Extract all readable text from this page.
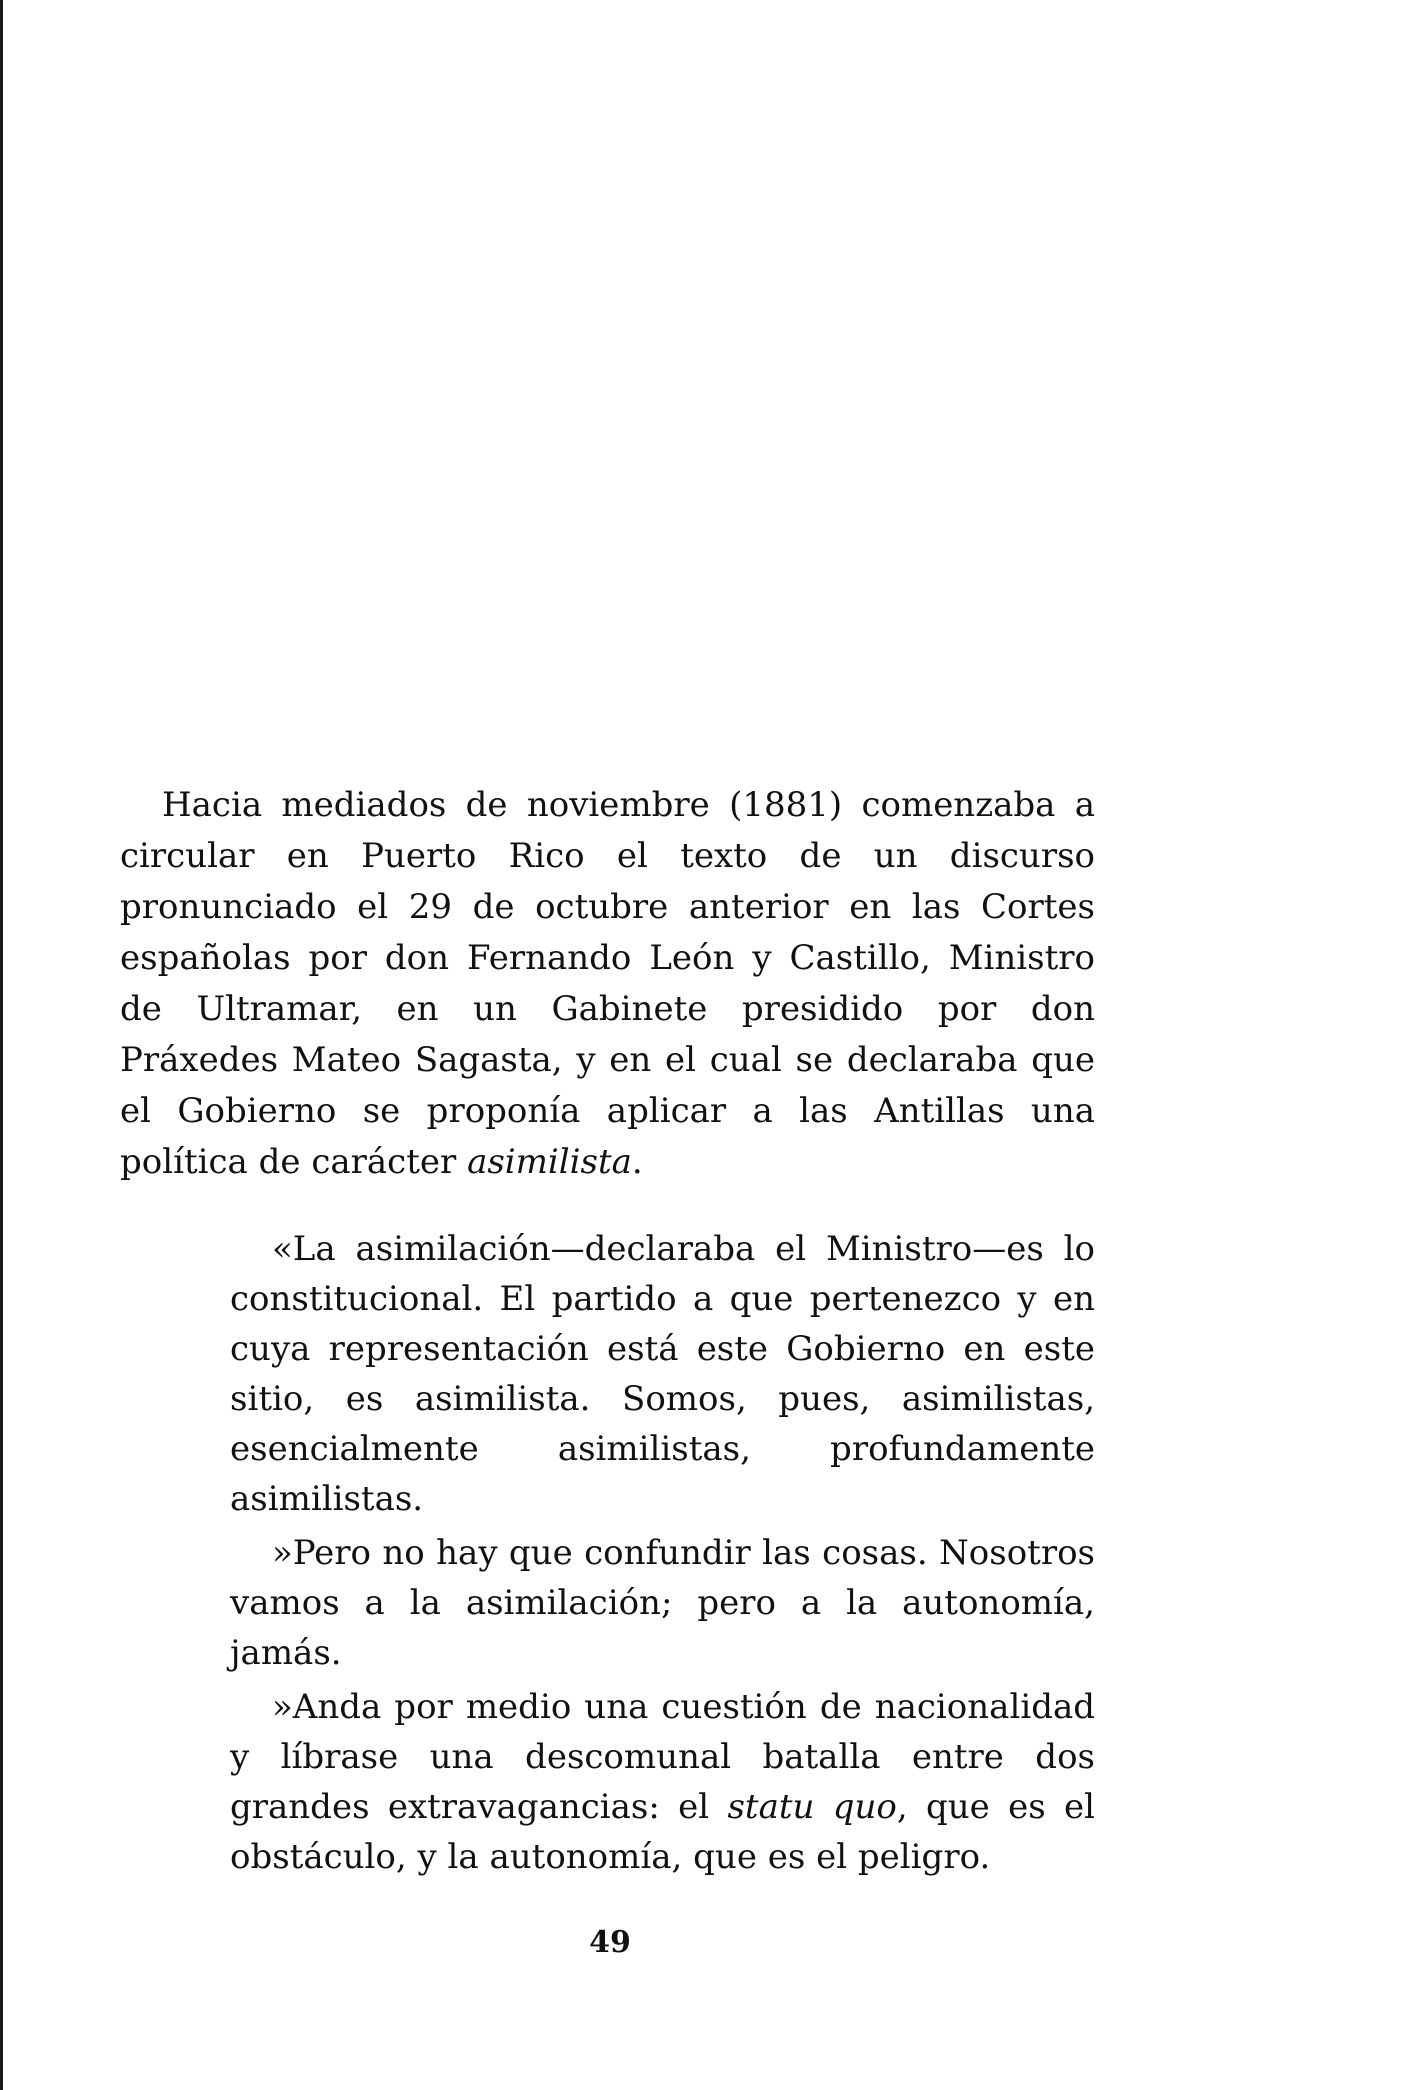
Hacia mediados de noviembre (1881) comenzaba a circular en Puerto Rico el texto de un discurso pronunciado el 29 de octubre anterior en las Cortes españolas por don Fernando León y Castillo, Ministro de Ultramar, en un Gabinete presidido por don Práxedes Mateo Sagasta, y en el cual se declaraba que el Gobierno se proponía aplicar a las Antillas una política de carácter asimilista.

«La asimilación—declaraba el Ministro—es lo constitucional. El partido a que pertenezco y en cuya representación está este Gobierno en este sitio, es asimilista. Somos, pues, asimilistas, esencialmente asimilistas, profundamente asimilistas.

»Pero no hay que confundir las cosas. Nosotros vamos a la asimilación; pero a la autonomía, jamás.

»Anda por medio una cuestión de nacionalidad y líbrase una descomunal batalla entre dos grandes extravagancias: el statu quo, que es el obstáculo, y la autonomía, que es el peligro.

49
